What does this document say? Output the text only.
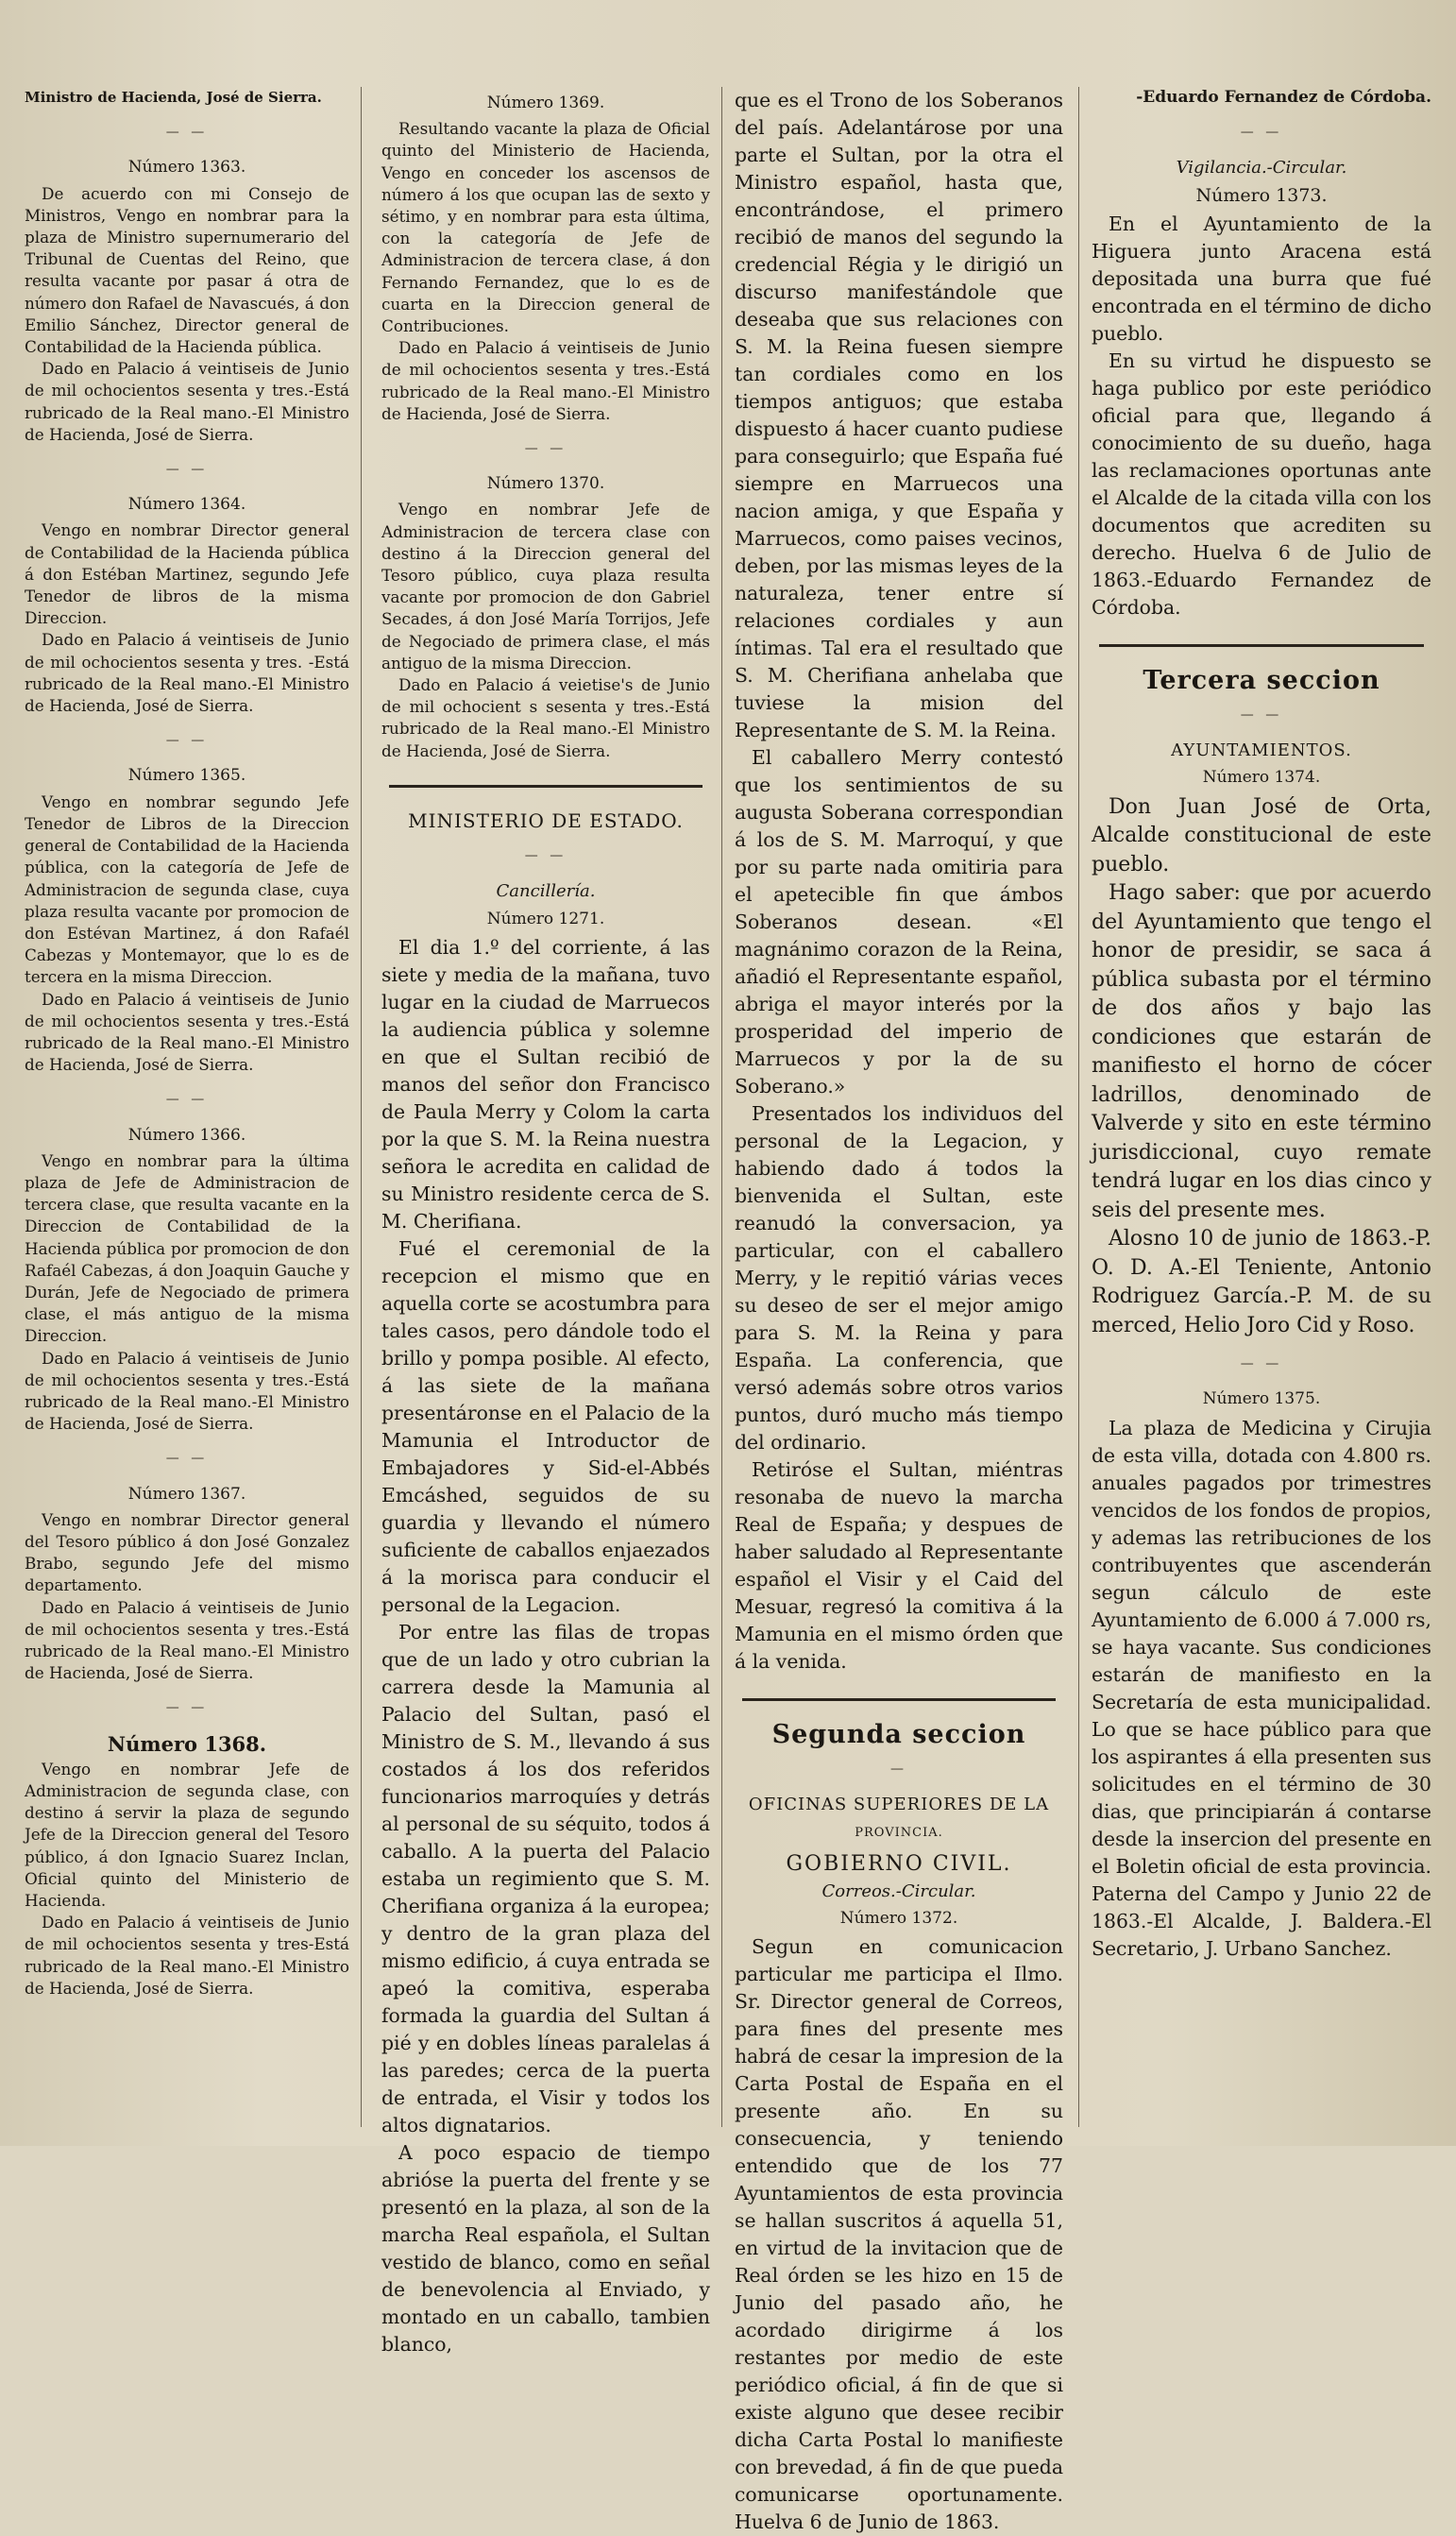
Ministro de Hacienda, José de Sierra.
— —
Número 1363.

De acuerdo con mi Consejo de Ministros, Vengo en nombrar para la plaza de Ministro supernumerario del Tribunal de Cuentas del Reino, que resulta vacante por pasar á otra de número don Rafael de Navascués, á don Emilio Sánchez, Director general de Contabilidad de la Hacienda pública.

Dado en Palacio á veintiseis de Junio de mil ochocientos sesenta y tres.-Está rubricado de la Real mano.-El Ministro de Hacienda, José de Sierra.

— —
Número 1364.

Vengo en nombrar Director general de Contabilidad de la Hacienda pública á don Estéban Martinez, segundo Jefe Tenedor de libros de la misma Direccion.

Dado en Palacio á veintiseis de Junio de mil ochocientos sesenta y tres. -Está rubricado de la Real mano.-El Ministro de Hacienda, José de Sierra.

— —
Número 1365.

Vengo en nombrar segundo Jefe Tenedor de Libros de la Direccion general de Contabilidad de la Hacienda pública, con la categoría de Jefe de Administracion de segunda clase, cuya plaza resulta vacante por promocion de don Estévan Martinez, á don Rafaél Cabezas y Montemayor, que lo es de tercera en la misma Direccion.

Dado en Palacio á veintiseis de Junio de mil ochocientos sesenta y tres.-Está rubricado de la Real mano.-El Ministro de Hacienda, José de Sierra.

— —
Número 1366.

Vengo en nombrar para la última plaza de Jefe de Administracion de tercera clase, que resulta vacante en la Direccion de Contabilidad de la Hacienda pública por promocion de don Rafaél Cabezas, á don Joaquin Gauche y Durán, Jefe de Negociado de primera clase, el más antiguo de la misma Direccion.

Dado en Palacio á veintiseis de Junio de mil ochocientos sesenta y tres.-Está rubricado de la Real mano.-El Ministro de Hacienda, José de Sierra.

— —
Número 1367.

Vengo en nombrar Director general del Tesoro público á don José Gonzalez Brabo, segundo Jefe del mismo departamento.

Dado en Palacio á veintiseis de Junio de mil ochocientos sesenta y tres.-Está rubricado de la Real mano.-El Ministro de Hacienda, José de Sierra.

— —
Número 1368.

Vengo en nombrar Jefe de Administracion de segunda clase, con destino á servir la plaza de segundo Jefe de la Direccion general del Tesoro público, á don Ignacio Suarez Inclan, Oficial quinto del Ministerio de Hacienda.

Dado en Palacio á veintiseis de Junio de mil ochocientos sesenta y tres-Está rubricado de la Real mano.-El Ministro de Hacienda, José de Sierra.

Número 1369.

Resultando vacante la plaza de Oficial quinto del Ministerio de Hacienda, Vengo en conceder los ascensos de número á los que ocupan las de sexto y sétimo, y en nombrar para esta última, con la categoría de Jefe de Administracion de tercera clase, á don Fernando Fernandez, que lo es de cuarta en la Direccion general de Contribuciones.

Dado en Palacio á veintiseis de Junio de mil ochocientos sesenta y tres.-Está rubricado de la Real mano.-El Ministro de Hacienda, José de Sierra.

— —
Número 1370.

Vengo en nombrar Jefe de Administracion de tercera clase con destino á la Direccion general del Tesoro público, cuya plaza resulta vacante por promocion de don Gabriel Secades, á don José María Torrijos, Jefe de Negociado de primera clase, el más antiguo de la misma Direccion.

Dado en Palacio á veietise's de Junio de mil ochocient s sesenta y tres.-Está rubricado de la Real mano.-El Ministro de Hacienda, José de Sierra.

MINISTERIO DE ESTADO.
— —
Cancillería.
Número 1271.

El dia 1.º del corriente, á las siete y media de la mañana, tuvo lugar en la ciudad de Marruecos la audiencia pública y solemne en que el Sultan recibió de manos del señor don Francisco de Paula Merry y Colom la carta por la que S. M. la Reina nuestra señora le acredita en calidad de su Ministro residente cerca de S. M. Cherifiana.

Fué el ceremonial de la recepcion el mismo que en aquella corte se acostumbra para tales casos, pero dándole todo el brillo y pompa posible. Al efecto, á las siete de la mañana presentáronse en el Palacio de la Mamunia el Introductor de Embajadores y Sid-el-Abbés Emcáshed, seguidos de su guardia y llevando el número suficiente de caballos enjaezados á la morisca para conducir el personal de la Legacion.

Por entre las filas de tropas que de un lado y otro cubrian la carrera desde la Mamunia al Palacio del Sultan, pasó el Ministro de S. M., llevando á sus costados á los dos referidos funcionarios marroquíes y detrás al personal de su séquito, todos á caballo. A la puerta del Palacio estaba un regimiento que S. M. Cherifiana organiza á la europea; y dentro de la gran plaza del mismo edificio, á cuya entrada se apeó la comitiva, esperaba formada la guardia del Sultan á pié y en dobles líneas paralelas á las paredes; cerca de la puerta de entrada, el Visir y todos los altos dignatarios.

A poco espacio de tiempo abrióse la puerta del frente y se presentó en la plaza, al son de la marcha Real española, el Sultan vestido de blanco, como en señal de benevolencia al Enviado, y montado en un caballo, tambien blanco,

que es el Trono de los Soberanos del país. Adelantárose por una parte el Sultan, por la otra el Ministro español, hasta que, encontrándose, el primero recibió de manos del segundo la credencial Régia y le dirigió un discurso manifestándole que deseaba que sus relaciones con S. M. la Reina fuesen siempre tan cordiales como en los tiempos antiguos; que estaba dispuesto á hacer cuanto pudiese para conseguirlo; que España fué siempre en Marruecos una nacion amiga, y que España y Marruecos, como paises vecinos, deben, por las mismas leyes de la naturaleza, tener entre sí relaciones cordiales y aun íntimas. Tal era el resultado que S. M. Cherifiana anhelaba que tuviese la mision del Representante de S. M. la Reina.

El caballero Merry contestó que los sentimientos de su augusta Soberana correspondian á los de S. M. Marroquí, y que por su parte nada omitiria para el apetecible fin que ámbos Soberanos desean. «El magnánimo corazon de la Reina, añadió el Representante español, abriga el mayor interés por la prosperidad del imperio de Marruecos y por la de su Soberano.»

Presentados los individuos del personal de la Legacion, y habiendo dado á todos la bienvenida el Sultan, este reanudó la conversacion, ya particular, con el caballero Merry, y le repitió várias veces su deseo de ser el mejor amigo para S. M. la Reina y para España. La conferencia, que versó además sobre otros varios puntos, duró mucho más tiempo del ordinario.

Retiróse el Sultan, miéntras resonaba de nuevo la marcha Real de España; y despues de haber saludado al Representante español el Visir y el Caid del Mesuar, regresó la comitiva á la Mamunia en el mismo órden que á la venida.

Segunda seccion
—
OFICINAS SUPERIORES DE LA
PROVINCIA.
GOBIERNO CIVIL.
Correos.-Circular.
Número 1372.

Segun en comunicacion particular me participa el Ilmo. Sr. Director general de Correos, para fines del presente mes habrá de cesar la impresion de la Carta Postal de España en el presente año. En su consecuencia, y teniendo entendido que de los 77 Ayuntamientos de esta provincia se hallan suscritos á aquella 51, en virtud de la invitacion que de Real órden se les hizo en 15 de Junio del pasado año, he acordado dirigirme á los restantes por medio de este periódico oficial, á fin de que si existe alguno que desee recibir dicha Carta Postal lo manifieste con brevedad, á fin de que pueda comunicarse oportunamente. Huelva 6 de Junio de 1863.

-Eduardo Fernandez de Córdoba.
— —
Vigilancia.-Circular.
Número 1373.

En el Ayuntamiento de la Higuera junto Aracena está depositada una burra que fué encontrada en el término de dicho pueblo.

En su virtud he dispuesto se haga publico por este periódico oficial para que, llegando á conocimiento de su dueño, haga las reclamaciones oportunas ante el Alcalde de la citada villa con los documentos que acrediten su derecho. Huelva 6 de Julio de 1863.-Eduardo Fernandez de Córdoba.

Tercera seccion
— —
AYUNTAMIENTOS.
Número 1374.

Don Juan José de Orta, Alcalde constitucional de este pueblo.

Hago saber: que por acuerdo del Ayuntamiento que tengo el honor de presidir, se saca á pública subasta por el término de dos años y bajo las condiciones que estarán de manifiesto el horno de cócer ladrillos, denominado de Valverde y sito en este término jurisdiccional, cuyo remate tendrá lugar en los dias cinco y seis del presente mes.

Alosno 10 de junio de 1863.-P. O. D. A.-El Teniente, Antonio Rodriguez García.-P. M. de su merced, Helio Joro Cid y Roso.

— —
Número 1375.

La plaza de Medicina y Cirujia de esta villa, dotada con 4.800 rs. anuales pagados por trimestres vencidos de los fondos de propios, y ademas las retribuciones de los contribuyentes que ascenderán segun cálculo de este Ayuntamiento de 6.000 á 7.000 rs, se haya vacante. Sus condiciones estarán de manifiesto en la Secretaría de esta municipalidad. Lo que se hace público para que los aspirantes á ella presenten sus solicitudes en el término de 30 dias, que principiarán á contarse desde la insercion del presente en el Boletin oficial de esta provincia. Paterna del Campo y Junio 22 de 1863.-El Alcalde, J. Baldera.-El Secretario, J. Urbano Sanchez.
